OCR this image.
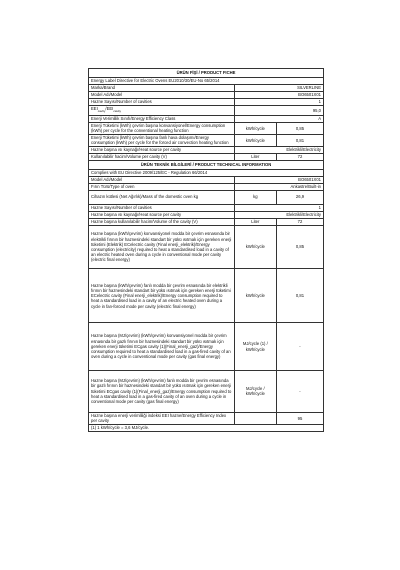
ÜRÜN FİŞİ / PRODUCT FICHE		
Energy Label Directive for Electric Ovens EU2010/30/EU-No 65/2014		
Marka/Brand	SILVERLINE	
Model Adı/Model	BO6501X01	
Hazne Sayısı/Number of cavities	1	
$EEI_{cavity}/EEI_{cavity}$	95,0	
Enerji Verimlilik Sınıfı/Energy Efficiency Class	A	
Enerji Tüketimi (kWh) çevrim başına konvansiyonel/Energy consumption (kWh) per cycle for the conventional heating function	kWh/cycle	0,85
Enerji Tüketimi (kWh) çevrim başına fanlı hava dolaşımı/Energy consumption (kWh) per cycle for the forced air convection heating function	kWh/cycle	0,81
Hazne başına ısı kaynağı/Heat source per cavity	Elektrikli/Electricity	
Kullanılabilir hacim/Volume per cavity (V)	Liter	72
ÜRÜN TEKNİK BİLGİLERİ / PRODUCT TECHNICAL INFORMATION		
Complies with EU Directive 2009/125/EC - Regulation 66/2014		
Model Adı/Model	BO6501X01	
Fırın Türü/Type of oven	Ankastre/Built-in	
Cihazın kütlesi (Net Ağırlık)/Mass of the domestic oven kg	kg	26,9
Hazne Sayısı/Number of cavities	1	
Hazne başına ısı kaynağı/Heat source per cavity	Elektrikli/Electricity	
Hazne başına kullanılabilir hacim/Volume of the cavity (V)	Liter	72
Hazne başına (kWh/çevrim) konvansiyonel modda bir çevrim esnasında bir elektrikli fırının bir haznesindeki standart bir yükü ısıtmak için gereken enerji tüketimi (Elektrik) ECelectric cavity (Final enerji_elektrik)/Energy consumption (electricity) required to heat a standardised load in a cavity of an electric heated oven during a cycle in conventional mode per cavity (electric final energy)	kWh/cycle	0,85
Hazne başına (kWh/çevrim) fanlı modda bir çevrim esnasında bir elektrikli fırının bir haznesindeki standart bir yükü ısıtmak için gereken enerji tüketimi ECelectric cavity (Final enerji_elektrik)/Energy consumption required to heat a standardised load in a cavity of an electric heated oven during a cycle in fan-forced mode per cavity (electric final energy)	kWh/cycle	0,81
Hazne başına (MJ/çevrim) (kWh/çevrim) konvansiyonel modda bir çevrim esnasında bir gazlı fırının bir haznesindeki standart bir yükü ısıtmak için gereken enerji tüketimi ECgas cavity (1)(Final_enerji_gaz)/Energy consumption required to heat a standardised load in a gas-fired cavity of an oven during a cycle in conventional mode per cavity (gas final energy)	MJ/cycle (1) / kWh/cycle	-
Hazne başına (MJ/çevrim) (kWh/çevrim) fanlı modda bir çevrim esnasında bir gazlı fırının bir haznesindeki standart bir yükü ısıtmak için gereken enerji tüketimi ECgas cavity (1)(Final_enerji_gaz)/Energy consumption required to heat a standardised load in a gas-fired cavity of an oven during a cycle in conventional mode per cavity (gas final energy)	MJ/cycle / kWh/cycle	-
Hazne başına enerji verimliliği indeksi EEI hazne/Energy Efficiency Index per cavity		95
(1) 1 kWh/cycle = 3,6 MJ/cycle.		
